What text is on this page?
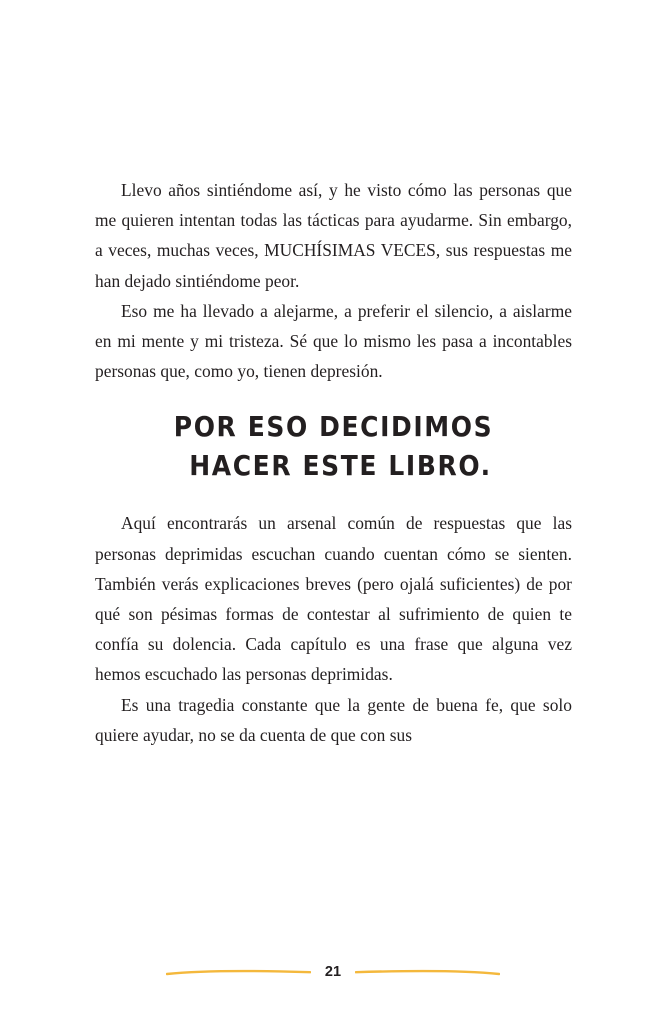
Llevo años sintiéndome así, y he visto cómo las personas que me quieren intentan todas las tácticas para ayudarme. Sin embargo, a veces, muchas veces, MUCHÍSIMAS VECES, sus respuestas me han dejado sintiéndome peor.

Eso me ha llevado a alejarme, a preferir el silencio, a aislarme en mi mente y mi tristeza. Sé que lo mismo les pasa a incontables personas que, como yo, tienen depresión.

POR ESO DECIDIMOS
HACER ESTE LIBRO.

Aquí encontrarás un arsenal común de respuestas que las personas deprimidas escuchan cuando cuentan cómo se sienten. También verás explicaciones breves (pero ojalá suficientes) de por qué son pésimas formas de contestar al sufrimiento de quien te confía su dolencia. Cada capítulo es una frase que alguna vez hemos escuchado las personas deprimidas.

Es una tragedia constante que la gente de buena fe, que solo quiere ayudar, no se da cuenta de que con sus

21
